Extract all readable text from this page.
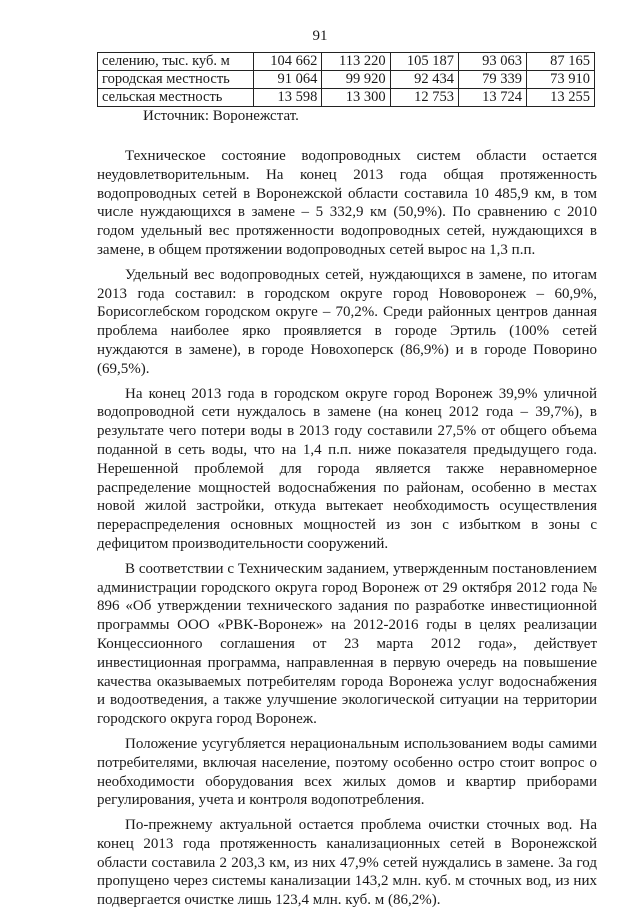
91
селению, тыс. куб. м	104 662	113 220	105 187	93 063	87 165
городская местность	91 064	99 920	92 434	79 339	73 910
сельская местность	13 598	13 300	12 753	13 724	13 255
Источник: Воронежстат.

Техническое состояние водопроводных систем области остается неудовлетворительным. На конец 2013 года общая протяженность водопроводных сетей в Воронежской области составила 10 485,9 км, в том числе нуждающихся в замене – 5 332,9 км (50,9%). По сравнению с 2010 годом удельный вес протяженности водопроводных сетей, нуждающихся в замене, в общем протяжении водопроводных сетей вырос на 1,3 п.п.

Удельный вес водопроводных сетей, нуждающихся в замене, по итогам 2013 года составил: в городском округе город Нововоронеж – 60,9%, Борисоглебском городском округе – 70,2%. Среди районных центров данная проблема наиболее ярко проявляется в городе Эртиль (100% сетей нуждаются в замене), в городе Новохоперск (86,9%) и в городе Поворино (69,5%).

На конец 2013 года в городском округе город Воронеж 39,9% уличной водопроводной сети нуждалось в замене (на конец 2012 года – 39,7%), в результате чего потери воды в 2013 году составили 27,5% от общего объема поданной в сеть воды, что на 1,4 п.п. ниже показателя предыдущего года. Нерешенной проблемой для города является также неравномерное распределение мощностей водоснабжения по районам, особенно в местах новой жилой застройки, откуда вытекает необходимость осуществления перераспределения основных мощностей из зон с избытком в зоны с дефицитом производительности сооружений.

В соответствии с Техническим заданием, утвержденным постановлением администрации городского округа город Воронеж от 29 октября 2012 года № 896 «Об утверждении технического задания по разработке инвестиционной программы ООО «РВК-Воронеж» на 2012-2016 годы в целях реализации Концессионного соглашения от 23 марта 2012 года», действует инвестиционная программа, направленная в первую очередь на повышение качества оказываемых потребителям города Воронежа услуг водоснабжения и водоотведения, а также улучшение экологической ситуации на территории городского округа город Воронеж.

Положение усугубляется нерациональным использованием воды самими потребителями, включая население, поэтому особенно остро стоит вопрос о необходимости оборудования всех жилых домов и квартир приборами регулирования, учета и контроля водопотребления.

По-прежнему актуальной остается проблема очистки сточных вод. На конец 2013 года протяженность канализационных сетей в Воронежской области составила 2 203,3 км, из них 47,9% сетей нуждались в замене. За год пропущено через системы канализации 143,2 млн. куб. м сточных вод, из них подвергается очистке лишь 123,4 млн. куб. м (86,2%).
